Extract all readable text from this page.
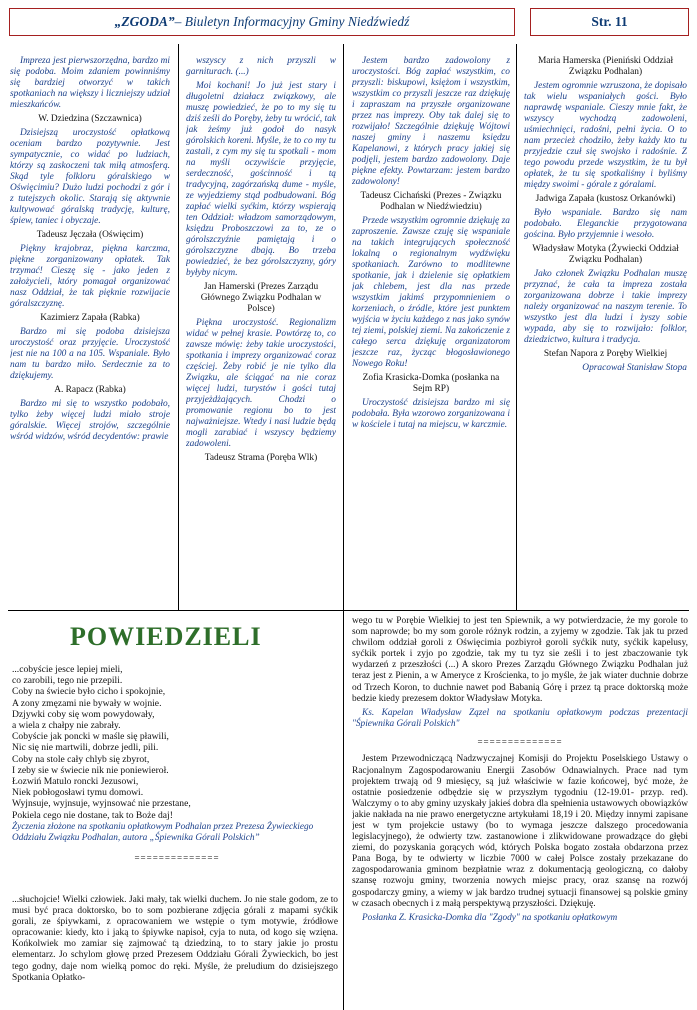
„ZGODA” – Biuletyn Informacyjny Gminy Niedźwiedź	Str. 11

Impreza jest pierwszorzędna, bardzo mi się podoba. Moim zdaniem powinniśmy się bardziej otworzyć w takich spotkaniach na większy i liczniejszy udział mieszkańców.

W. Dziedzina (Szczawnica)

Dzisiejszą uroczystość opłatkową oceniam bardzo pozytywnie. Jest sympatycznie, co widać po ludziach, którzy są zaskoczeni tak miłą atmosferą. Skąd tyle folkloru góralskiego w Oświęcimiu? Dużo ludzi pochodzi z gór i z tutejszych okolic. Starają się aktywnie kultywować góralską tradycję, kulturę, śpiew, taniec i obyczaje.

Tadeusz Jęczała (Oświęcim)

Piękny krajobraz, piękna karczma, piękne zorganizowany opłatek. Tak trzymać! Cieszę się - jako jeden z założycieli, który pomagał organizować nasz Oddział, że tak pięknie rozwijacie góralszczyznę.

Kazimierz Zapała (Rabka)

Bardzo mi się podoba dzisiejsza uroczystość oraz przyjęcie. Uroczystość jest nie na 100 a na 105. Wspaniale. Było nam tu bardzo miło. Serdecznie za to dziękujemy.

A. Rapacz (Rabka)

Bardzo mi się to wszystko podobało, tylko żeby więcej ludzi miało stroje góralskie. Więcej strojów, szczególnie wśród widzów, wśród decydentów: prawie

wszyscy z nich przyszli w garniturach. (...)

Moi kochani! Jo już jest stary i długoletni działacz związkowy, ale muszę powiedzieć, że po to my się tu dziś ześli do Poręby, żeby tu wrócić, tak jak żeśmy już godoł do nasyk górolskich koreni. Myśle, że to co my tu zastali, z cym my się tu spotkali - mom na myśli oczywiście przyjęcie, serdeczność, gościnność i tą tradycyjną, zagórzańską dume - myśle, ze wyjedziemy stąd podbudowani. Bóg zapłać wielki syćkim, którzy wspierają ten Oddział: władzom samorządowym, księdzu Proboszczowi za to, ze o górolszczyźnie pamiętają i o górolszczyzne dbają. Bo trzeba powiedzieć, że bez górolszczyzny, góry byłyby nicym.

Jan Hamerski (Prezes Zarządu Głównego Związku Podhalan w Polsce)

Piękna uroczystość. Regionalizm widać w pełnej krasie. Powtórzę to, co zawsze mówię: żeby takie uroczystości, spotkania i imprezy organizować coraz częściej. Żeby robić je nie tylko dla Związku, ale ściągać na nie coraz więcej ludzi, turystów i gości tutaj przyjeżdżających. Chodzi o promowanie regionu bo to jest najważniejsze. Wtedy i nasi ludzie będą mogli zarabiać i wszyscy będziemy zadowoleni.

Tadeusz Strama (Poręba Wlk)

Jestem bardzo zadowolony z uroczystości. Bóg zapłać wszystkim, co przyszli: biskupowi, księżom i wszystkim, wszystkim co przyszli jeszcze raz dziękuję i zapraszam na przyszłe organizowane przez nas imprezy. Oby tak dalej się to rozwijało! Szczególnie dziękuję Wójtowi naszej gminy i naszemu księdzu Kapelanowi, z których pracy jakiej się podjęli, jestem bardzo zadowolony. Daje piękne efekty. Powtarzam: jestem bardzo zadowolony!

Tadeusz Cichański (Prezes - Związku Podhalan w Niedźwiedziu)

Przede wszystkim ogromnie dziękuję za zaproszenie. Zawsze czuję się wspaniale na takich integrujących społeczność lokalną o regionalnym wydźwięku spotkaniach. Zarówno to modlitewne spotkanie, jak i dzielenie się opłatkiem jak chlebem, jest dla nas przede wszystkim jakimś przypomnieniem o korzeniach, o źródle, które jest punktem wyjścia w życiu każdego z nas jako synów tej ziemi, polskiej ziemi. Na zakończenie z całego serca dziękuję organizatorom jeszcze raz, życząc błogosławionego Nowego Roku!

Zofia Krasicka-Domka (posłanka na Sejm RP)

Uroczystość dzisiejsza bardzo mi się podobała. Była wzorowo zorganizowana i w kościele i tutaj na miejscu, w karczmie.

Maria Hamerska (Pieniński Oddział Związku Podhalan)

Jestem ogromnie wzruszona, że dopisało tak wielu wspaniałych gości. Było naprawdę wspaniale. Cieszy mnie fakt, że wszyscy wychodzą zadowoleni, uśmiechnięci, radośni, pełni życia. O to nam przecież chodziło, żeby każdy kto tu przyjedzie czuł się swojsko i radośnie. Z tego powodu przede wszystkim, że tu był opłatek, że tu się spotkaliśmy i byliśmy między swoimi - górale z góralami.

Jadwiga Zapała (kustosz Orkanówki)

Było wspaniale. Bardzo się nam podobało. Eleganckie przygotowana gościna. Było przyjemnie i wesoło.

Władysław Motyka (Żywiecki Oddział Związku Podhalan)

Jako członek Związku Podhalan muszę przyznać, że cała ta impreza została zorganizowana dobrze i takie imprezy należy organizować na naszym terenie. To wszystko jest dla ludzi i żyszy sobie wypada, aby się to rozwijało: folklor, dziedzictwo, kultura i tradycja.

Stefan Napora z Poręby Wielkiej

Opracował Stanisław Stopa

POWIEDZIELI
...cobyście jesce lepiej mieli,
co zarobili, tego nie przepili.
Coby na świecie było cicho i spokojnie,
A zony zmęzami nie bywały w wojnie.
Dzjywki coby się wom powydowały,
a wiela z chałpy nie zabrały.
Cobyście jak poncki w maśle się pławili,
Nic się nie martwili, dobrze jedli, pili.
Coby na stole cały chlyb się zbyrot,
I zeby sie w świecie nik nie poniewieroł.
Łozwiń Matulo roncki Jezusowi,
Niek pobłogosławi tymu domowi.
Wyjnsuje, wyjnsuje, wyjnsować nie przestane,
Pokiela cego nie dostane, tak to Boże daj!
Życzenia złożone na spotkaniu opłatkowym Podhalan przez Prezesa Żywieckiego Oddziału Związku Podhalan, autora „Śpiewnika Górali Polskich”
==============

...słuchojcie! Wielki człowiek. Jaki mały, tak wielki duchem. Jo nie stale godom, ze to musi być praca doktorsko, bo to som pozbierane zdjęcia górali z mapami syćkik gorali, ze śpiywkami, z opracowaniem we wstępie o tym motywie, źródłowe opracowanie: kiedy, kto i jaką to śpiywke napisoł, cyja to nuta, od kogo się wzięna. Końkolwiek mo zamiar się zajmować tą dziedziną, to to stary jakie jo prostu elementarz. Jo schylom głowę przed Prezesem Oddziału Górali Żywieckich, bo jest tego godny, daje nom wielką pomoc do ręki. Myśle, że preludium do dzisiejszego Spotkania Opłatko-

wego tu w Porębie Wielkiej to jest ten Śpiewnik, a wy potwierdzacie, że my gorole to som naprowde; bo my som gorole różnyk rodzin, a zyjemy w zgodzie. Tak jak tu przed chwilom oddział goroli z Oświęcimia pozbiyroł goroli syćkik nuty, syćkik kapelusy, syćkik portek i zyjo po zgodzie, tak my tu tyz sie ześli i to jest zbaczowanie tyk wydarzeń z przeszłości (...) A skoro Prezes Zarządu Głównego Związku Podhalan już teraz jest z Pienin, a w Ameryce z Krościenka, to jo myśle, że jak wiater duchnie dobrze od Trzech Koron, to duchnie nawet pod Babanią Górę i przez tą prace doktorską może bedzie kiedy prezesem doktor Władysław Motyka.

Ks. Kapelan Władysław Zązel na spotkaniu opłatkowym podczas prezentacji "Śpiewnika Górali Polskich"

==============

Jestem Przewodniczącą Nadzwyczajnej Komisji do Projektu Poselskiego Ustawy o Racjonalnym Zagospodarowaniu Energii Zasobów Odnawialnych. Prace nad tym projektem trwają od 9 miesięcy, są już właściwie w fazie końcowej, być może, że ostatnie posiedzenie odbędzie się w przyszłym tygodniu (12-19.01- przyp. red). Walczymy o to aby gminy uzyskały jakieś dobra dla spełnienia ustawowych obowiązków jakie nakłada na nie prawo energetyczne artykułami 18,19 i 20. Między innymi zapisane jest w tym projekcie ustawy (bo to wymaga jeszcze dalszego procedowania legislacyjnego), że odwierty tzw. zastanowione i zlikwidowane prowadzące do głębi ziemi, do pozyskania gorących wód, których Polska bogato została obdarzona przez Pana Boga, by te odwierty w liczbie 7000 w całej Polsce zostały przekazane do zagospodarowania gminom bezpłatnie wraz z dokumentacją geologiczną, co dałoby szansę rozwoju gminy, tworzenia nowych miejsc pracy, oraz szansę na rozwój gospodarczy gminy, a wiemy w jak bardzo trudnej sytuacji finansowej są polskie gminy w czasach obecnych i z małą perspektywą przyszłości. Dziękuję.

Posłanka Z. Krasicka-Domka dla "Zgody" na spotkaniu opłatkowym
